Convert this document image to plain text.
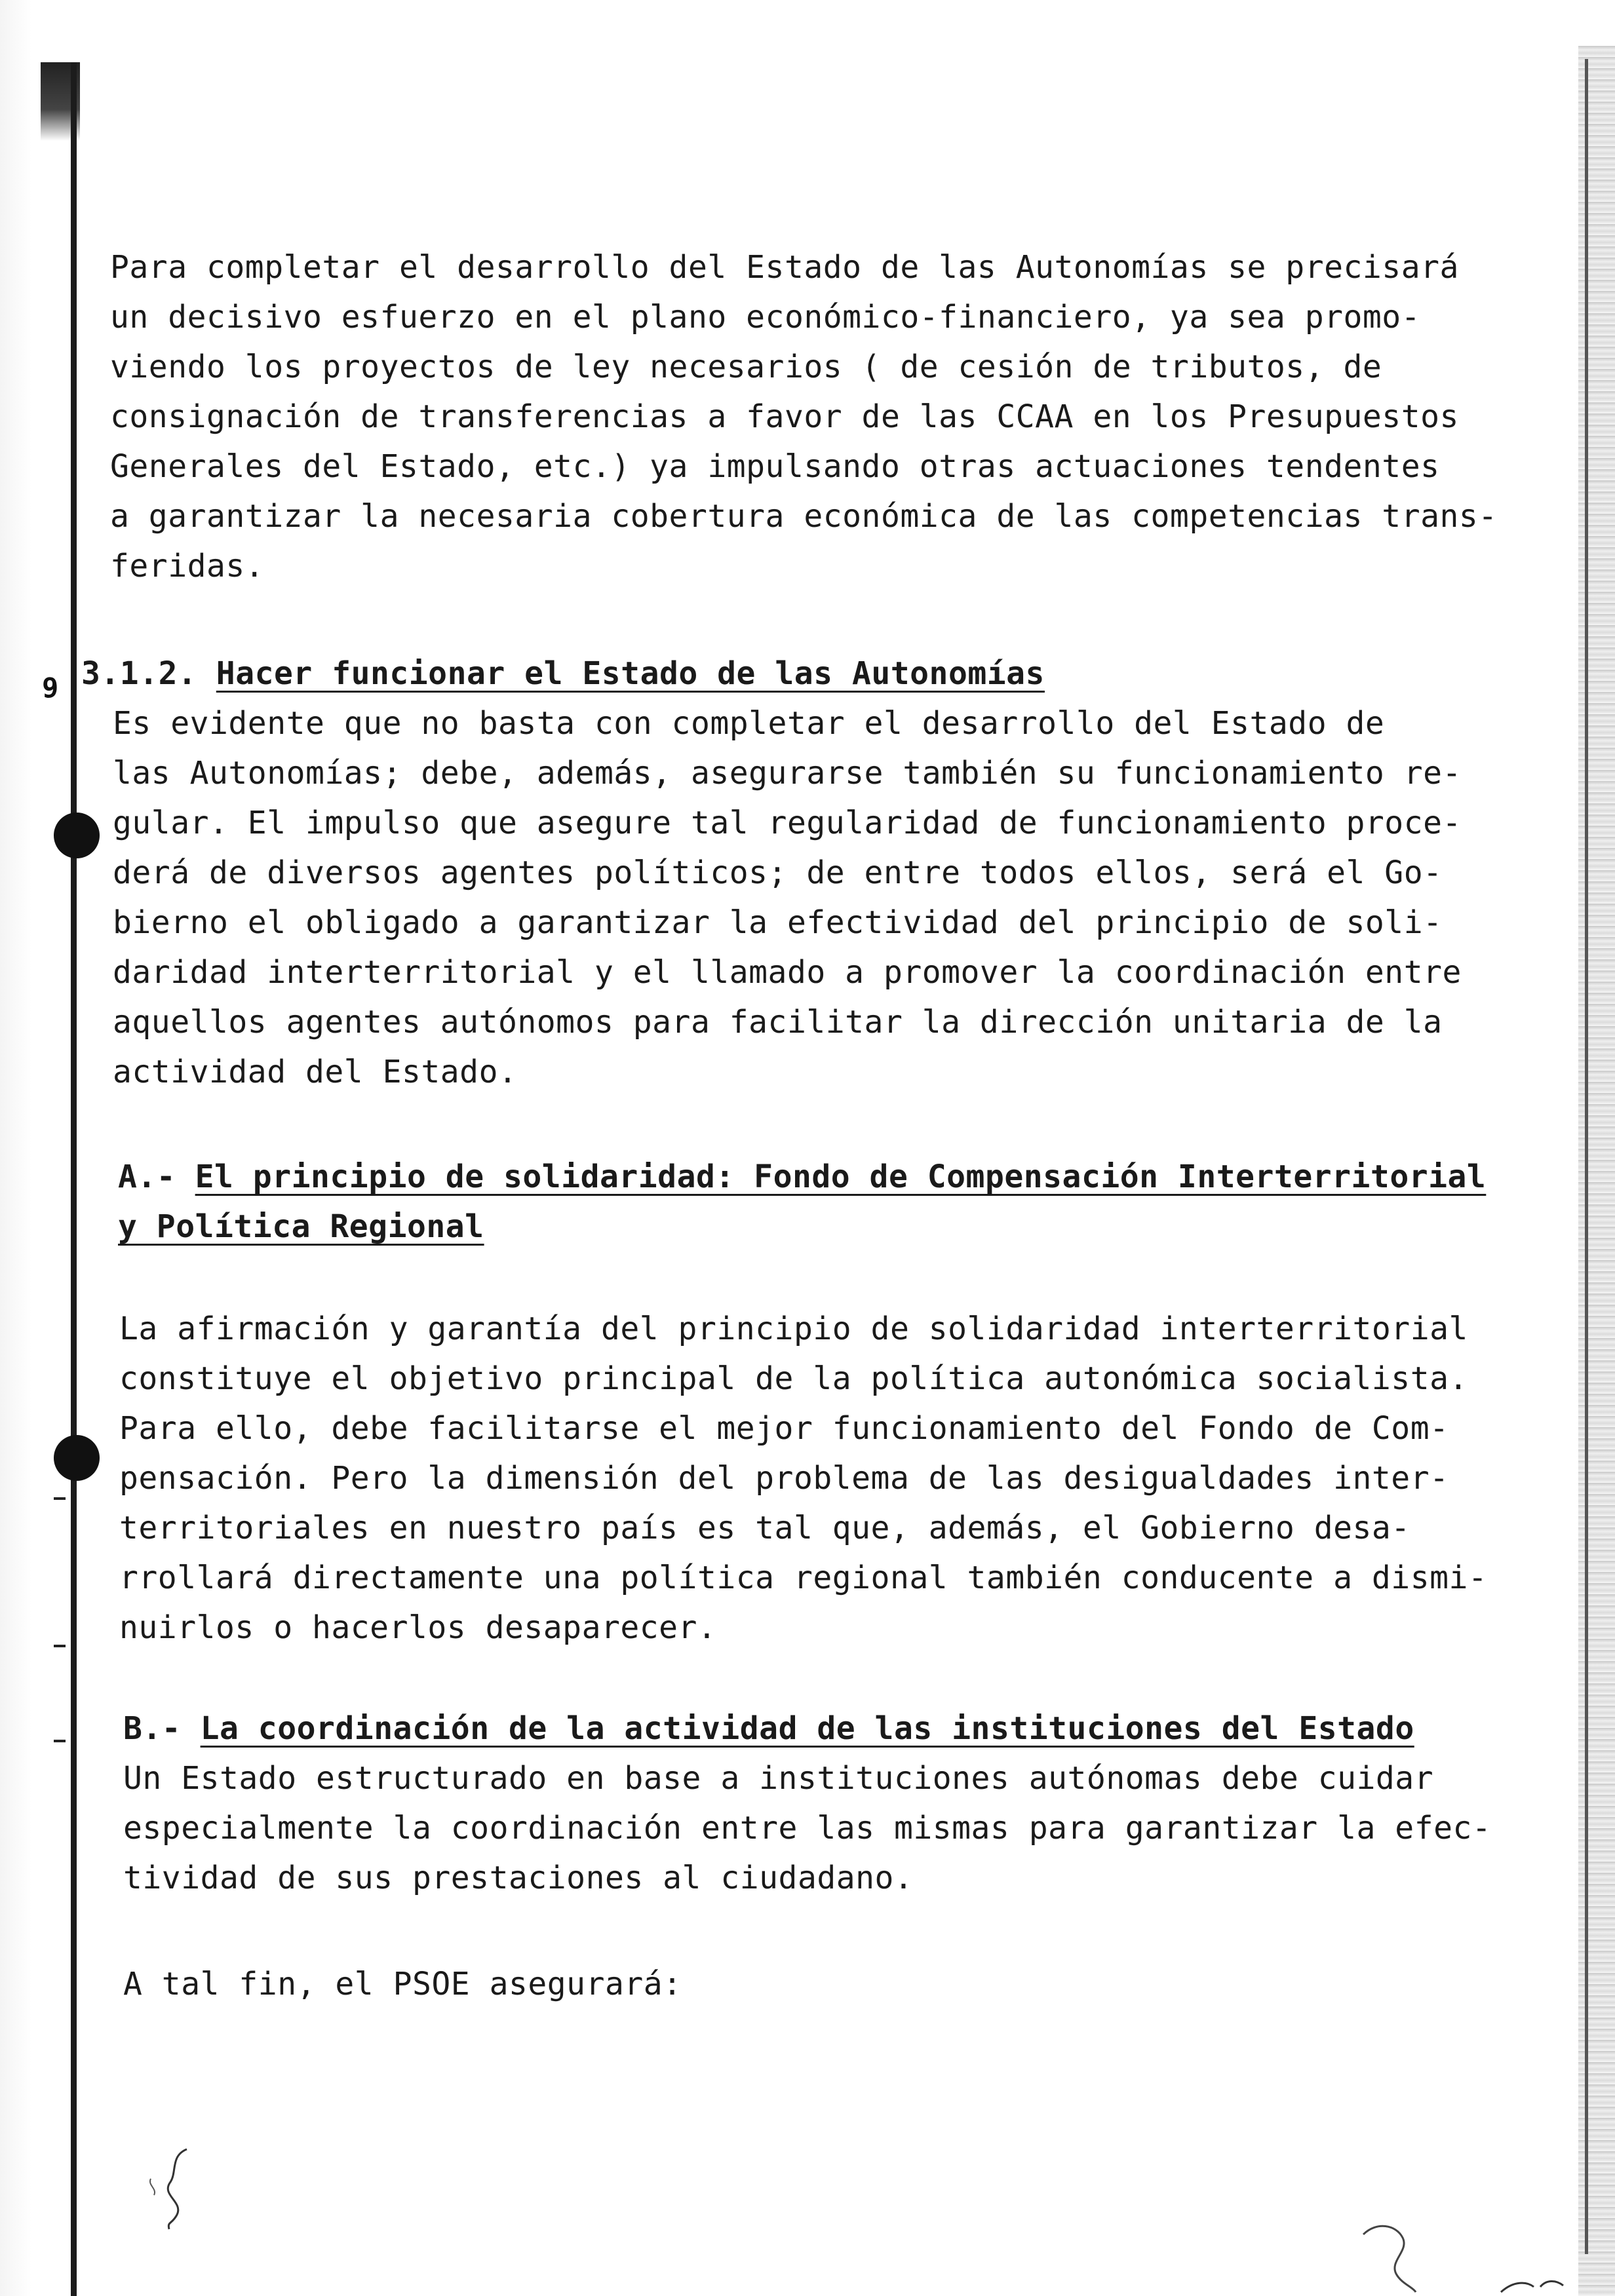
9

Para completar el desarrollo del Estado de las Autonomías se precisará
un decisivo esfuerzo en el plano económico-financiero, ya sea promo-
viendo los proyectos de ley necesarios ( de cesión de tributos, de
consignación de transferencias a favor de las CCAA en los Presupuestos
Generales del Estado, etc.) ya impulsando otras actuaciones tendentes
a garantizar la necesaria cobertura económica de las competencias trans-
feridas.

3.1.2. Hacer funcionar el Estado de las Autonomías

Es evidente que no basta con completar el desarrollo del Estado de
las Autonomías; debe, además, asegurarse también su funcionamiento re-
gular. El impulso que asegure tal regularidad de funcionamiento proce-
derá de diversos agentes políticos; de entre todos ellos, será el Go-
bierno el obligado a garantizar la efectividad del principio de soli-
daridad interterritorial y el llamado a promover la coordinación entre
aquellos agentes autónomos para facilitar la dirección unitaria de la
actividad del Estado.

A.- El principio de solidaridad: Fondo de Compensación Interterritorial
y Política Regional

La afirmación y garantía del principio de solidaridad interterritorial
constituye el objetivo principal de la política autonómica socialista.
Para ello, debe facilitarse el mejor funcionamiento del Fondo de Com-
pensación. Pero la dimensión del problema de las desigualdades inter-
territoriales en nuestro país es tal que, además, el Gobierno desa-
rrollará directamente una política regional también conducente a dismi-
nuirlos o hacerlos desaparecer.

B.- La coordinación de la actividad de las instituciones del Estado

Un Estado estructurado en base a instituciones autónomas debe cuidar
especialmente la coordinación entre las mismas para garantizar la efec-
tividad de sus prestaciones al ciudadano.

A tal fin, el PSOE asegurará:
